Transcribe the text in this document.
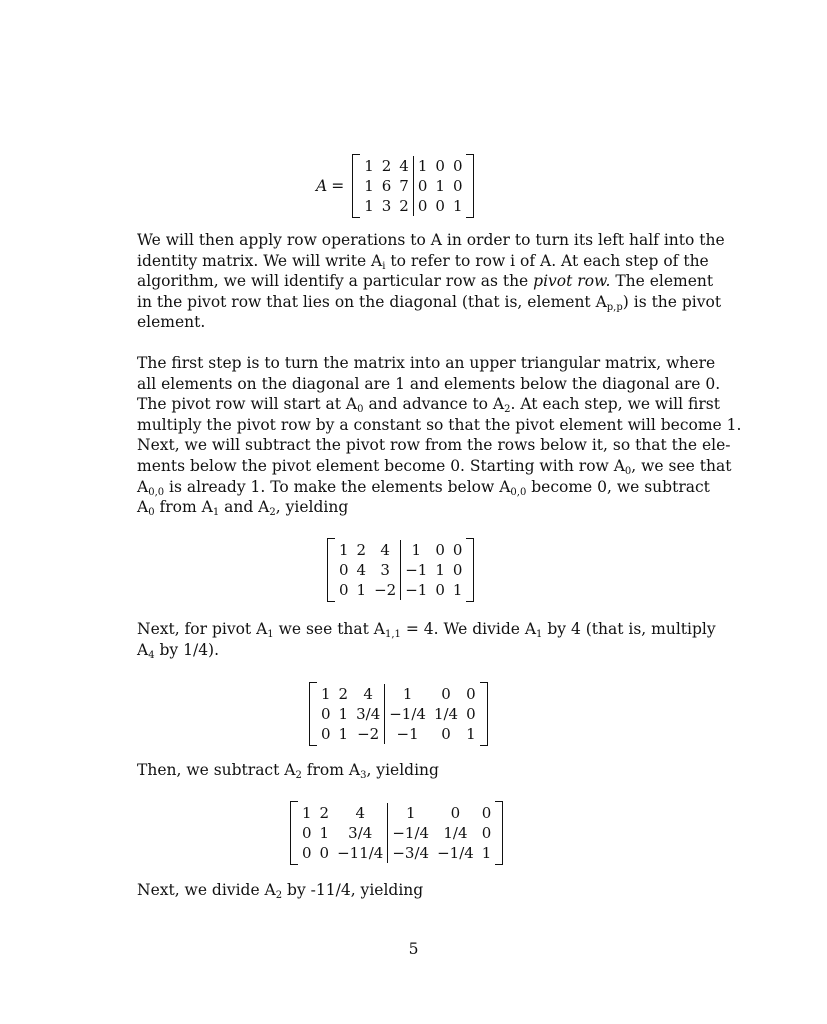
A =
1	2	4	1	0	0
1	6	7	0	1	0
1	3	2	0	0	1

We will then apply row operations to A in order to turn its left half into the
identity matrix. We will write $A_i$ to refer to row i of A. At each step of the
algorithm, we will identify a particular row as the pivot row. The element
in the pivot row that lies on the diagonal (that is, element $A_{p,p}$) is the pivot
element.

The first step is to turn the matrix into an upper triangular matrix, where
all elements on the diagonal are 1 and elements below the diagonal are 0.
The pivot row will start at $A_0$ and advance to $A_2$. At each step, we will first
multiply the pivot row by a constant so that the pivot element will become 1.
Next, we will subtract the pivot row from the rows below it, so that the ele-
ments below the pivot element become 0. Starting with row $A_0$, we see that
$A_{0,0}$ is already 1. To make the elements below $A_{0,0}$ become 0, we subtract
$A_0$ from $A_1$ and $A_2$, yielding

1	2	4	1	0	0
0	4	3	−1	1	0
0	1	−2	−1	0	1

Next, for pivot $A_1$ we see that $A_{1,1} = 4$. We divide $A_1$ by 4 (that is, multiply
$A_4$ by 1/4).

1	2	4	1	0	0
0	1	3/4	−1/4	1/4	0
0	1	−2	−1	0	1

Then, we subtract $A_2$ from $A_3$, yielding

1	2	4	1	0	0
0	1	3/4	−1/4	1/4	0
0	0	−11/4	−3/4	−1/4	1

Next, we divide $A_2$ by -11/4, yielding

5
